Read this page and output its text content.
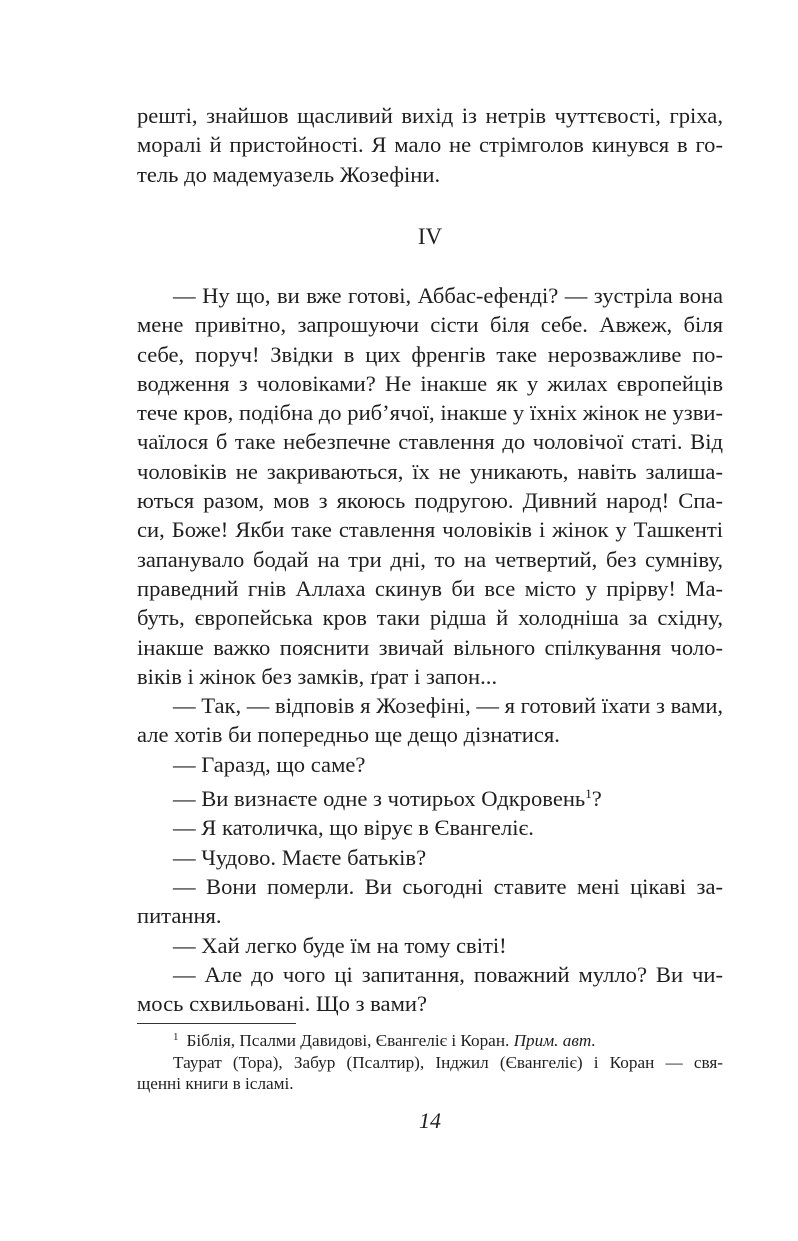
решті, знайшов щасливий вихід із нетрів чуттєвості, гріха,
моралі й пристойності. Я мало не стрімголов кинувся в го-
тель до мадемуазель Жозефіни.
IV
— Ну що, ви вже готові, Аббас-ефенді? — зустріла вона
мене привітно, запрошуючи сісти біля себе. Авжеж, біля
себе, поруч! Звідки в цих френгів таке нерозважливе по-
водження з чоловіками? Не інакше як у жилах європейців
тече кров, подібна до риб’ячої, інакше у їхніх жінок не узви-
чаїлося б таке небезпечне ставлення до чоловічої статі. Від
чоловіків не закриваються, їх не уникають, навіть залиша-
ються разом, мов з якоюсь подругою. Дивний народ! Спа-
си, Боже! Якби таке ставлення чоловіків і жінок у Ташкенті
запанувало бодай на три дні, то на четвертий, без сумніву,
праведний гнів Аллаха скинув би все місто у прірву! Ма-
буть, європейська кров таки рідша й холодніша за східну,
інакше важко пояснити звичай вільного спілкування чоло-
віків і жінок без замків, ґрат і запон...
— Так, — відповів я Жозефіні, — я готовий їхати з вами,
але хотів би попередньо ще дещо дізнатися.
— Гаразд, що саме?
— Ви визнаєте одне з чотирьох Одкровень$^1$?
— Я католичка, що вірує в Євангеліє.
— Чудово. Маєте батьків?
— Вони померли. Ви сьогодні ставите мені цікаві за-
питання.
— Хай легко буде їм на тому світі!
— Але до чого ці запитання, поважний мулло? Ви чи-
мось схвильовані. Що з вами?
$^1$ Біблія, Псалми Давидові, Євангеліє і Коран. Прим. авт.
Таурат (Тора), Забур (Псалтир), Інджил (Євангеліє) і Коран — свя-
щенні книги в ісламі.
14
